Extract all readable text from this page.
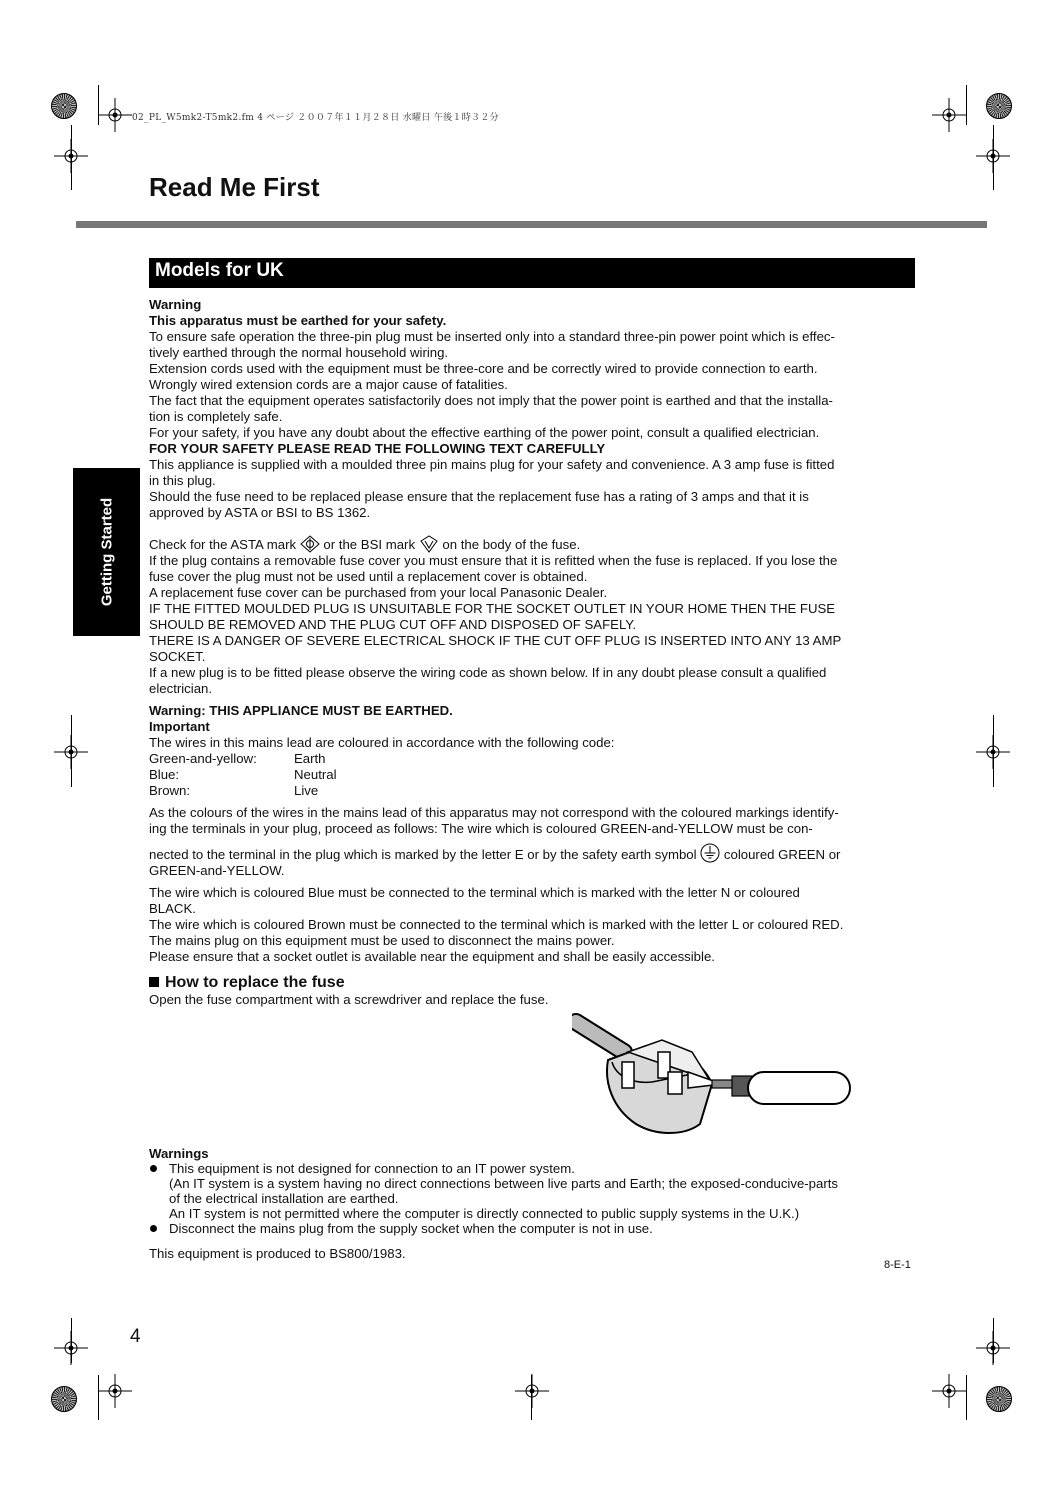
02_PL_W5mk2-T5mk2.fm 4 ページ ２００７年１１月２８日 水曜日 午後１時３２分
Read Me First
Getting Started
Models for UK

Warning

This apparatus must be earthed for your safety.

To ensure safe operation the three-pin plug must be inserted only into a standard three-pin power point which is effec-

tively earthed through the normal household wiring.

Extension cords used with the equipment must be three-core and be correctly wired to provide connection to earth.

Wrongly wired extension cords are a major cause of fatalities.

The fact that the equipment operates satisfactorily does not imply that the power point is earthed and that the installa-

tion is completely safe.

For your safety, if you have any doubt about the effective earthing of the power point, consult a qualified electrician.

FOR YOUR SAFETY PLEASE READ THE FOLLOWING TEXT CAREFULLY

This appliance is supplied with a moulded three pin mains plug for your safety and convenience. A 3 amp fuse is fitted

in this plug.

Should the fuse need to be replaced please ensure that the replacement fuse has a rating of 3 amps and that it is

approved by ASTA or BSI to BS 1362.

Check for the ASTA mark or the BSI mark on the body of the fuse.

If the plug contains a removable fuse cover you must ensure that it is refitted when the fuse is replaced. If you lose the

fuse cover the plug must not be used until a replacement cover is obtained.

A replacement fuse cover can be purchased from your local Panasonic Dealer.

IF THE FITTED MOULDED PLUG IS UNSUITABLE FOR THE SOCKET OUTLET IN YOUR HOME THEN THE FUSE

SHOULD BE REMOVED AND THE PLUG CUT OFF AND DISPOSED OF SAFELY.

THERE IS A DANGER OF SEVERE ELECTRICAL SHOCK IF THE CUT OFF PLUG IS INSERTED INTO ANY 13 AMP

SOCKET.

If a new plug is to be fitted please observe the wiring code as shown below. If in any doubt please consult a qualified

electrician.

Warning: THIS APPLIANCE MUST BE EARTHED.

Important

The wires in this mains lead are coloured in accordance with the following code:

Green-and-yellow:	Earth
Blue:	Neutral
Brown:	Live

As the colours of the wires in the mains lead of this apparatus may not correspond with the coloured markings identify-

ing the terminals in your plug, proceed as follows: The wire which is coloured GREEN-and-YELLOW must be con-

nected to the terminal in the plug which is marked by the letter E or by the safety earth symbol coloured GREEN or

GREEN-and-YELLOW.

The wire which is coloured Blue must be connected to the terminal which is marked with the letter N or coloured

BLACK.

The wire which is coloured Brown must be connected to the terminal which is marked with the letter L or coloured RED.

The mains plug on this equipment must be used to disconnect the mains power.

Please ensure that a socket outlet is available near the equipment and shall be easily accessible.

How to replace the fuse

Open the fuse compartment with a screwdriver and replace the fuse.

Warnings

This equipment is not designed for connection to an IT power system.

(An IT system is a system having no direct connections between live parts and Earth; the exposed-conducive-parts

of the electrical installation are earthed.

An IT system is not permitted where the computer is directly connected to public supply systems in the U.K.)

Disconnect the mains plug from the supply socket when the computer is not in use.

This equipment is produced to BS800/1983.

8-E-1
4
